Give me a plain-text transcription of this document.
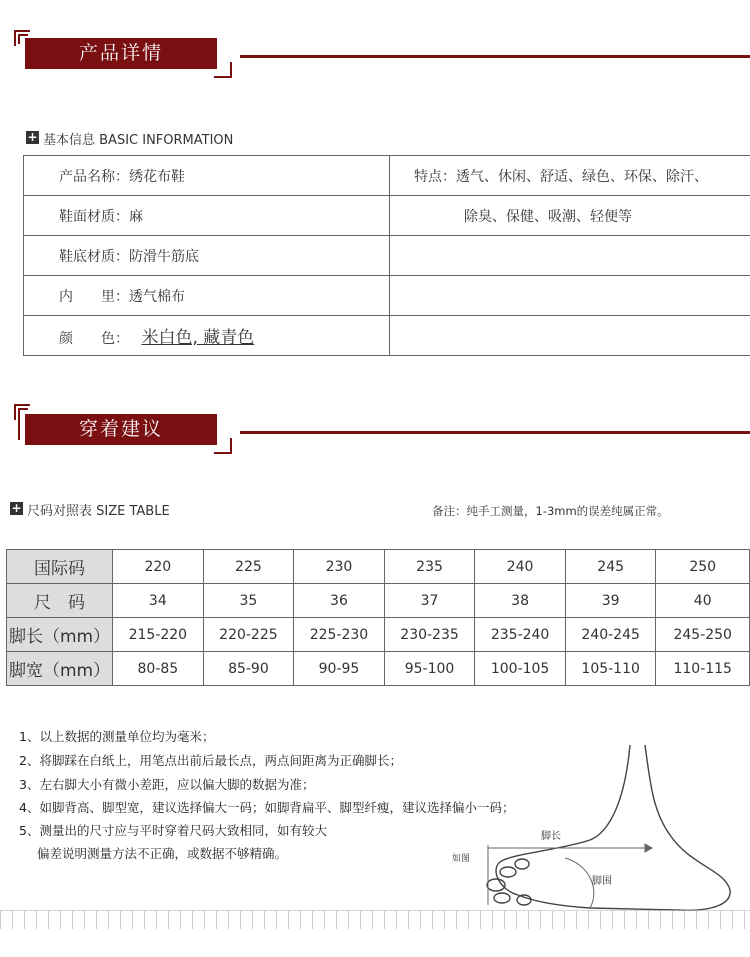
产品详情
+ 基本信息 BASIC INFORMATION
产品名称：绣花布鞋	特点：透气、休闲、舒适、绿色、环保、除汗、
鞋面材质：麻	除臭、保健、吸潮、轻便等
鞋底材质：防滑牛筋底	
内　　里：透气棉布	
颜　　色： 米白色, 藏青色	
穿着建议
+ 尺码对照表 SIZE TABLE	备注：纯手工测量，1-3mm的误差纯属正常。
国际码	220	225	230	235	240	245	250
尺　码	34	35	36	37	38	39	40
脚长（mm）	215-220	220-225	225-230	230-235	235-240	240-245	245-250
脚宽（mm）	80-85	85-90	90-95	95-100	100-105	105-110	110-115
1、以上数据的测量单位均为毫米；
2、将脚踩在白纸上，用笔点出前后最长点，两点间距离为正确脚长；
3、左右脚大小有微小差距，应以偏大脚的数据为准；
4、如脚背高、脚型宽，建议选择偏大一码；如脚背扁平、脚型纤瘦，建议选择偏小一码；
5、测量出的尺寸应与平时穿着尺码大致相同，如有较大
偏差说明测量方法不正确，或数据不够精确。
脚长
脚围
如图
